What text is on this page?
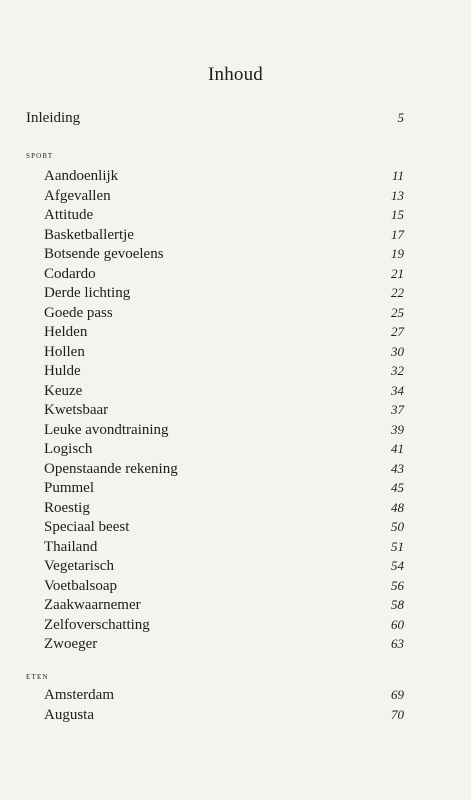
Inhoud
Inleiding	5
sport
Aandoenlijk	11
Afgevallen	13
Attitude	15
Basketballertje	17
Botsende gevoelens	19
Codardo	21
Derde lichting	22
Goede pass	25
Helden	27
Hollen	30
Hulde	32
Keuze	34
Kwetsbaar	37
Leuke avondtraining	39
Logisch	41
Openstaande rekening	43
Pummel	45
Roestig	48
Speciaal beest	50
Thailand	51
Vegetarisch	54
Voetbalsoap	56
Zaakwaarnemer	58
Zelfoverschatting	60
Zwoeger	63
eten
Amsterdam	69
Augusta	70
